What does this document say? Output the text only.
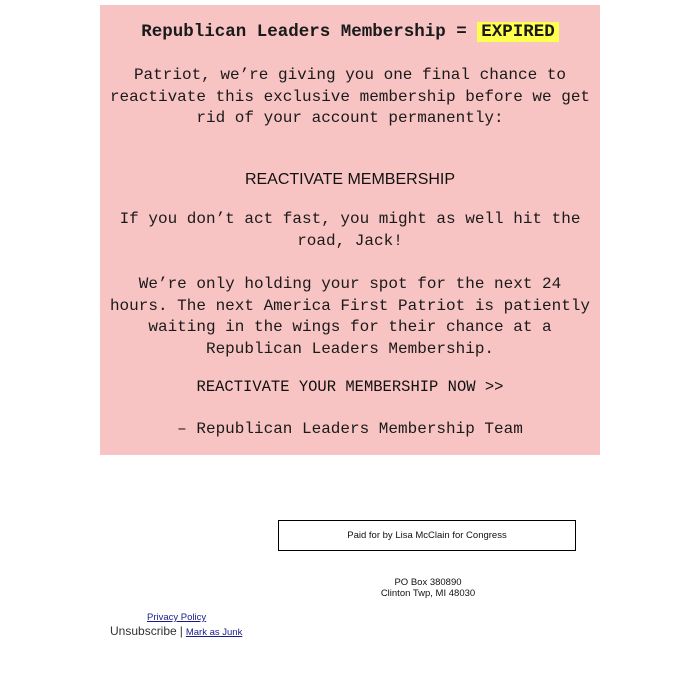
Republican Leaders Membership = EXPIRED
Patriot, we’re giving you one final chance to reactivate this exclusive membership before we get rid of your account permanently:
REACTIVATE MEMBERSHIP
If you don’t act fast, you might as well hit the road, Jack!
We’re only holding your spot for the next 24 hours. The next America First Patriot is patiently waiting in the wings for their chance at a Republican Leaders Membership.
REACTIVATE YOUR MEMBERSHIP NOW >>
– Republican Leaders Membership Team
Paid for by Lisa McClain for Congress
PO Box 380890
Clinton Twp, MI 48030
Privacy Policy
Unsubscribe | Mark as Junk
